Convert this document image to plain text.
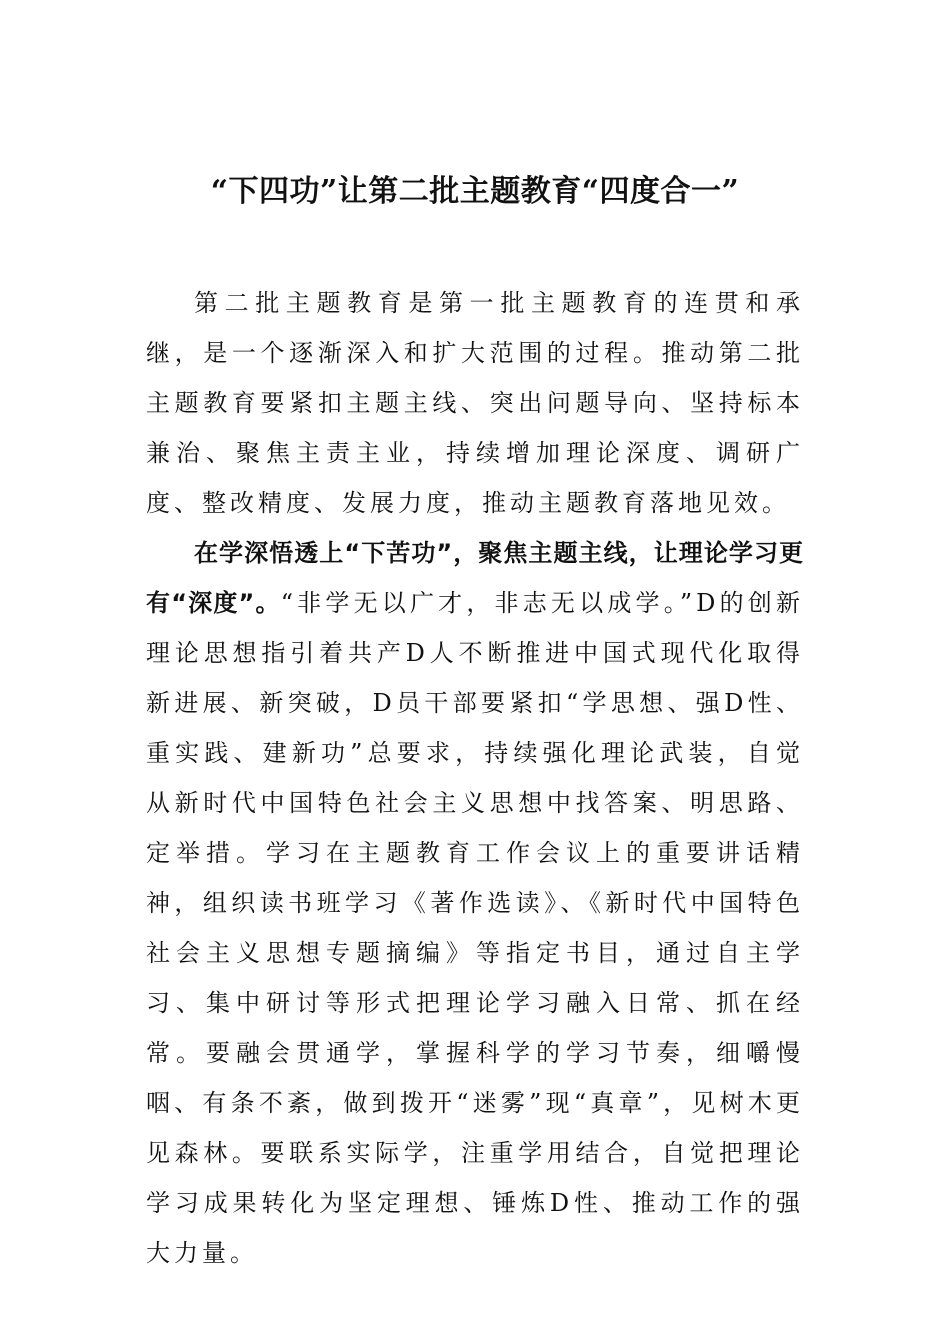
“下四功”让第二批主题教育“四度合一”

第二批主题教育是第一批主题教育的连贯和承继，是一个逐渐深入和扩大范围的过程。推动第二批主题教育要紧扣主题主线、突出问题导向、坚持标本兼治、聚焦主责主业，持续增加理论深度、调研广度、整改精度、发展力度，推动主题教育落地见效。

在学深悟透上“下苦功”，聚焦主题主线，让理论学习更有“深度”。“非学无以广才，非志无以成学。”D的创新理论思想指引着共产D人不断推进中国式现代化取得新进展、新突破，D员干部要紧扣“学思想、强D性、重实践、建新功”总要求，持续强化理论武装，自觉从新时代中国特色社会主义思想中找答案、明思路、定举措。学习在主题教育工作会议上的重要讲话精神，组织读书班学习《著作选读》、《新时代中国特色社会主义思想专题摘编》等指定书目，通过自主学习、集中研讨等形式把理论学习融入日常、抓在经常。要融会贯通学，掌握科学的学习节奏，细嚼慢咽、有条不紊，做到拨开“迷雾”现“真章”，见树木更见森林。要联系实际学，注重学用结合，自觉把理论学习成果转化为坚定理想、锤炼D性、推动工作的强大力量。
